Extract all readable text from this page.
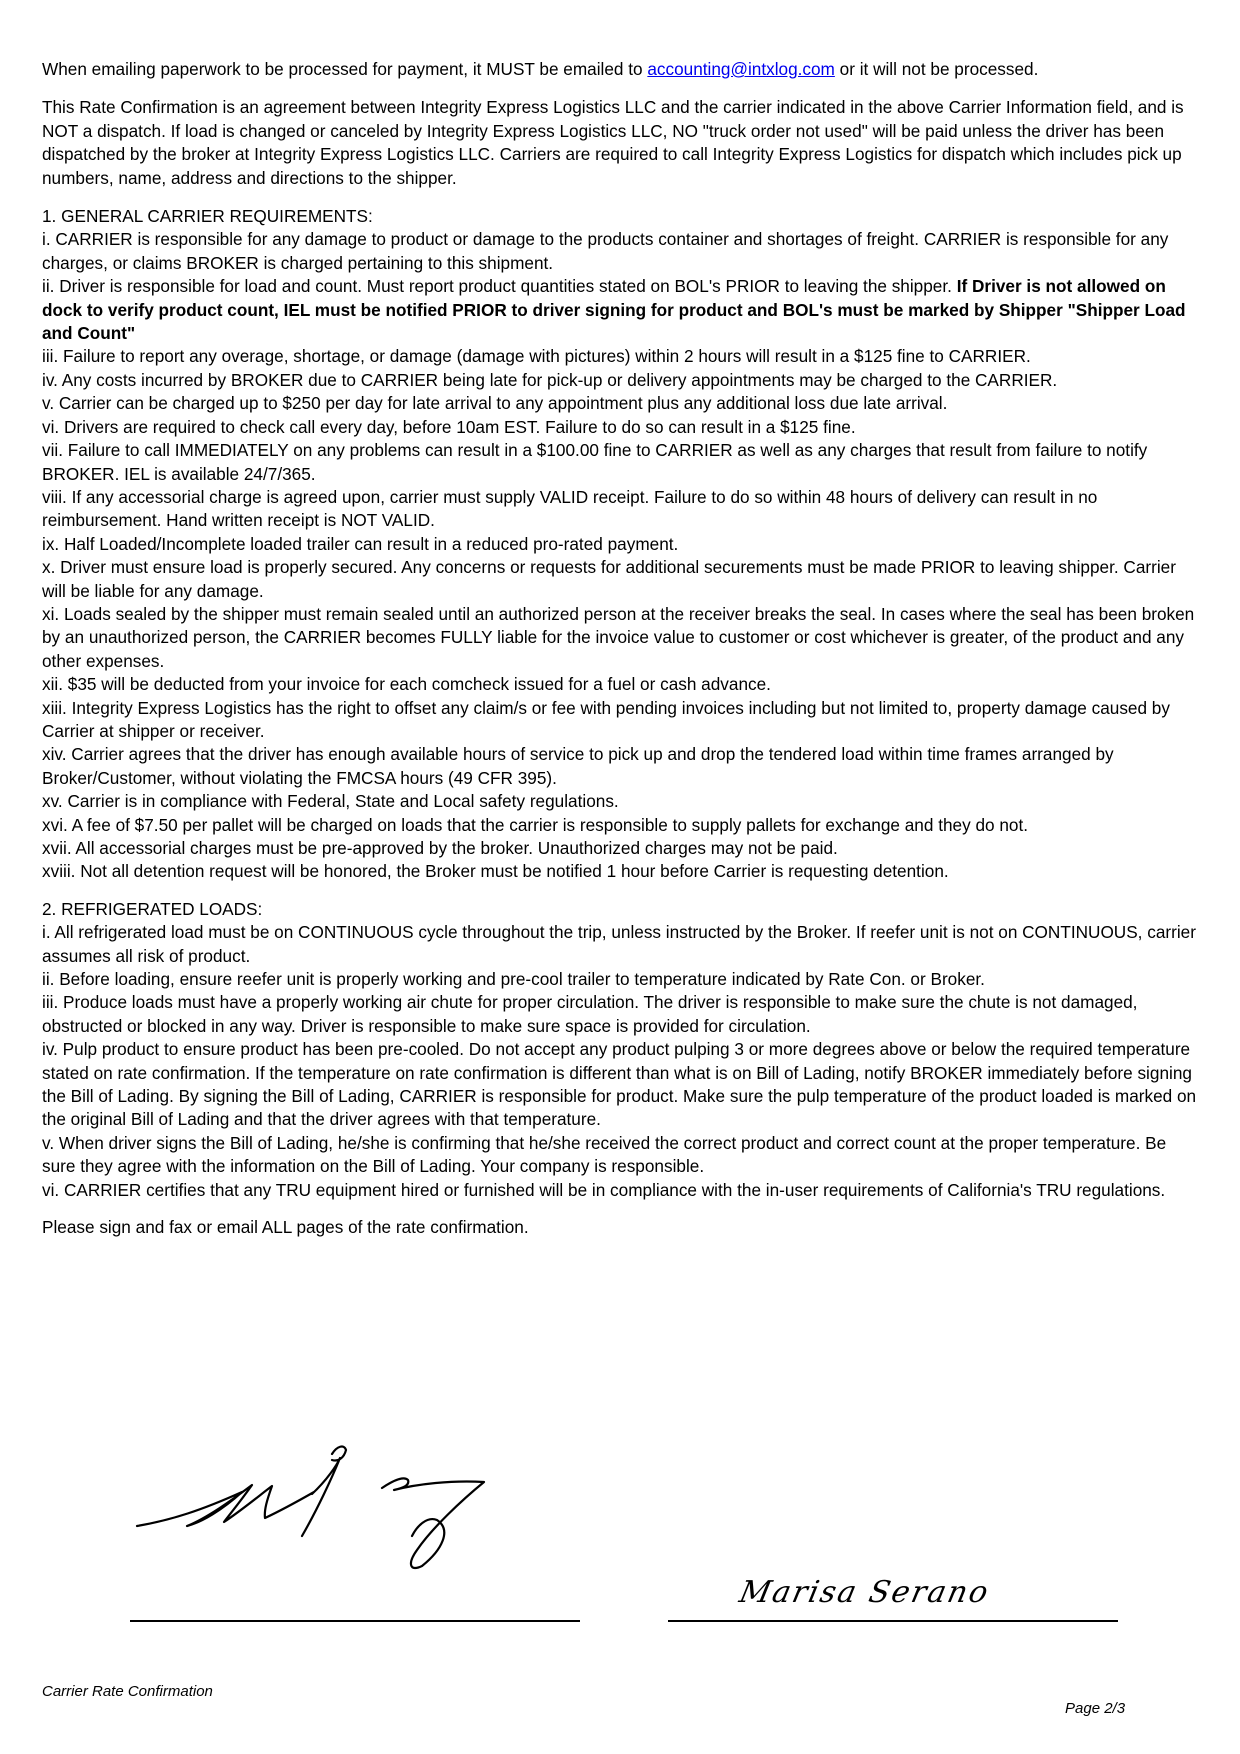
When emailing paperwork to be processed for payment, it MUST be emailed to accounting@intxlog.com or it will not be processed.

This Rate Confirmation is an agreement between Integrity Express Logistics LLC and the carrier indicated in the above Carrier Information field, and is NOT a dispatch. If load is changed or canceled by Integrity Express Logistics LLC, NO "truck order not used" will be paid unless the driver has been dispatched by the broker at Integrity Express Logistics LLC. Carriers are required to call Integrity Express Logistics for dispatch which includes pick up numbers, name, address and directions to the shipper.

1. GENERAL CARRIER REQUIREMENTS:

i. CARRIER is responsible for any damage to product or damage to the products container and shortages of freight. CARRIER is responsible for any charges, or claims BROKER is charged pertaining to this shipment.

ii. Driver is responsible for load and count. Must report product quantities stated on BOL's PRIOR to leaving the shipper. If Driver is not allowed on dock to verify product count, IEL must be notified PRIOR to driver signing for product and BOL's must be marked by Shipper "Shipper Load and Count"

iii. Failure to report any overage, shortage, or damage (damage with pictures) within 2 hours will result in a $125 fine to CARRIER.

iv. Any costs incurred by BROKER due to CARRIER being late for pick-up or delivery appointments may be charged to the CARRIER.

v. Carrier can be charged up to $250 per day for late arrival to any appointment plus any additional loss due late arrival.

vi. Drivers are required to check call every day, before 10am EST. Failure to do so can result in a $125 fine.

vii. Failure to call IMMEDIATELY on any problems can result in a $100.00 fine to CARRIER as well as any charges that result from failure to notify BROKER. IEL is available 24/7/365.

viii. If any accessorial charge is agreed upon, carrier must supply VALID receipt. Failure to do so within 48 hours of delivery can result in no reimbursement. Hand written receipt is NOT VALID.

ix. Half Loaded/Incomplete loaded trailer can result in a reduced pro-rated payment.

x. Driver must ensure load is properly secured. Any concerns or requests for additional securements must be made PRIOR to leaving shipper. Carrier will be liable for any damage.

xi. Loads sealed by the shipper must remain sealed until an authorized person at the receiver breaks the seal. In cases where the seal has been broken by an unauthorized person, the CARRIER becomes FULLY liable for the invoice value to customer or cost whichever is greater, of the product and any other expenses.

xii. $35 will be deducted from your invoice for each comcheck issued for a fuel or cash advance.

xiii. Integrity Express Logistics has the right to offset any claim/s or fee with pending invoices including but not limited to, property damage caused by Carrier at shipper or receiver.

xiv. Carrier agrees that the driver has enough available hours of service to pick up and drop the tendered load within time frames arranged by Broker/Customer, without violating the FMCSA hours (49 CFR 395).

xv. Carrier is in compliance with Federal, State and Local safety regulations.

xvi. A fee of $7.50 per pallet will be charged on loads that the carrier is responsible to supply pallets for exchange and they do not.

xvii. All accessorial charges must be pre-approved by the broker. Unauthorized charges may not be paid.

xviii. Not all detention request will be honored, the Broker must be notified 1 hour before Carrier is requesting detention.

2. REFRIGERATED LOADS:

i. All refrigerated load must be on CONTINUOUS cycle throughout the trip, unless instructed by the Broker. If reefer unit is not on CONTINUOUS, carrier assumes all risk of product.

ii. Before loading, ensure reefer unit is properly working and pre-cool trailer to temperature indicated by Rate Con. or Broker.

iii. Produce loads must have a properly working air chute for proper circulation. The driver is responsible to make sure the chute is not damaged, obstructed or blocked in any way. Driver is responsible to make sure space is provided for circulation.

iv. Pulp product to ensure product has been pre-cooled. Do not accept any product pulping 3 or more degrees above or below the required temperature stated on rate confirmation. If the temperature on rate confirmation is different than what is on Bill of Lading, notify BROKER immediately before signing the Bill of Lading. By signing the Bill of Lading, CARRIER is responsible for product. Make sure the pulp temperature of the product loaded is marked on the original Bill of Lading and that the driver agrees with that temperature.

v. When driver signs the Bill of Lading, he/she is confirming that he/she received the correct product and correct count at the proper temperature. Be sure they agree with the information on the Bill of Lading. Your company is responsible.

vi. CARRIER certifies that any TRU equipment hired or furnished will be in compliance with the in-user requirements of California's TRU regulations.

Please sign and fax or email ALL pages of the rate confirmation.

Marisa Serano
Carrier Rate Confirmation
Page 2/3
